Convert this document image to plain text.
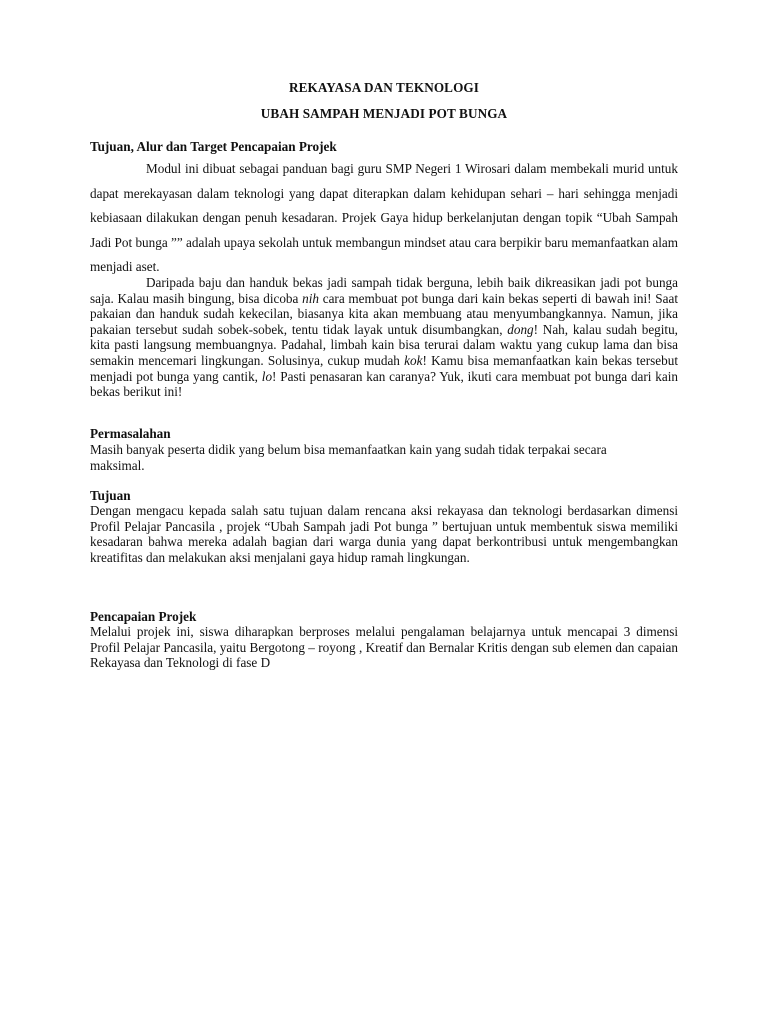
REKAYASA DAN TEKNOLOGI
UBAH SAMPAH MENJADI POT BUNGA
Tujuan, Alur dan Target Pencapaian Projek
Modul ini dibuat sebagai panduan bagi guru SMP Negeri 1 Wirosari dalam membekali murid untuk dapat merekayasan dalam teknologi yang dapat diterapkan dalam kehidupan sehari – hari sehingga menjadi kebiasaan dilakukan dengan penuh kesadaran. Projek Gaya hidup berkelanjutan dengan topik “Ubah Sampah Jadi Pot bunga ”” adalah upaya sekolah untuk membangun mindset atau cara berpikir baru memanfaatkan alam menjadi aset.
Daripada baju dan handuk bekas jadi sampah tidak berguna, lebih baik dikreasikan jadi pot bunga saja. Kalau masih bingung, bisa dicoba nih cara membuat pot bunga dari kain bekas seperti di bawah ini! Saat pakaian dan handuk sudah kekecilan, biasanya kita akan membuang atau menyumbangkannya. Namun, jika pakaian tersebut sudah sobek-sobek, tentu tidak layak untuk disumbangkan, dong! Nah, kalau sudah begitu, kita pasti langsung membuangnya. Padahal, limbah kain bisa terurai dalam waktu yang cukup lama dan bisa semakin mencemari lingkungan. Solusinya, cukup mudah kok! Kamu bisa memanfaatkan kain bekas tersebut menjadi pot bunga yang cantik, lo! Pasti penasaran kan caranya? Yuk, ikuti cara membuat pot bunga dari kain bekas berikut ini!
Permasalahan
Masih banyak peserta didik yang belum bisa memanfaatkan kain yang sudah tidak terpakai secara maksimal.
Tujuan
Dengan mengacu kepada salah satu tujuan dalam rencana aksi rekayasa dan teknologi berdasarkan dimensi Profil Pelajar Pancasila , projek “Ubah Sampah jadi Pot bunga ” bertujuan untuk membentuk siswa memiliki kesadaran bahwa mereka adalah bagian dari warga dunia yang dapat berkontribusi untuk mengembangkan kreatifitas dan melakukan aksi menjalani gaya hidup ramah lingkungan.
Pencapaian Projek
Melalui projek ini, siswa diharapkan berproses melalui pengalaman belajarnya untuk mencapai 3 dimensi Profil Pelajar Pancasila, yaitu Bergotong – royong , Kreatif dan Bernalar Kritis dengan sub elemen dan capaian Rekayasa dan Teknologi di fase D
